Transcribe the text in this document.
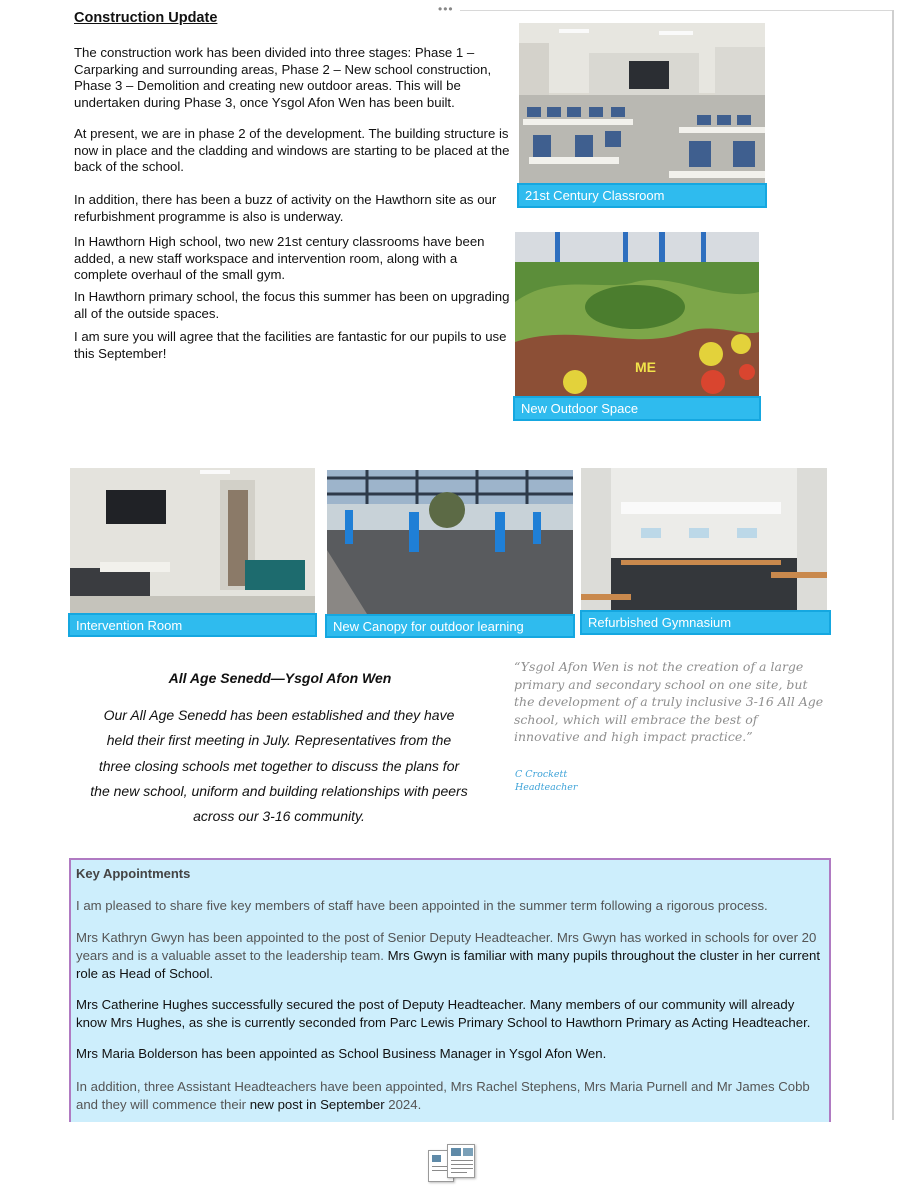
•••
Construction Update

The construction work has been divided into three stages: Phase 1 – Carparking and surrounding areas, Phase 2 – New school construction, Phase 3 – Demolition and creating new outdoor areas. This will be undertaken during Phase 3, once Ysgol Afon Wen has been built.

At present, we are in phase 2 of the development. The building structure is now in place and the cladding and windows are starting to be placed at the back of the school.

In addition, there has been a buzz of activity on the Hawthorn site as our refurbishment programme is also is underway.

In Hawthorn High school, two new 21st century classrooms have been added, a new staff workspace and intervention room, along with a complete overhaul of the small gym.

In Hawthorn primary school, the focus this summer has been on upgrading all of the outside spaces.

I am sure you will agree that the facilities are fantastic for our pupils to use this September!

21st Century Classroom
ME
New Outdoor Space
Intervention Room	New Canopy for outdoor learning	Refurbished Gymnasium
All Age Senedd—Ysgol Afon Wen

Our All Age Senedd has been established and they have held their first meeting in July. Representatives from the three closing schools met together to discuss the plans for the new school, uniform and building relationships with peers across our 3-16 community.

“Ysgol Afon Wen is not the creation of a large primary and secondary school on one site, but the development of a truly inclusive 3-16 All Age school, which will embrace the best of innovative and high impact practice.”

C Crockett
Headteacher
Key Appointments

I am pleased to share five key members of staff have been appointed in the summer term following a rigorous process.

Mrs Kathryn Gwyn has been appointed to the post of Senior Deputy Headteacher. Mrs Gwyn has worked in schools for over 20 years and is a valuable asset to the leadership team. Mrs Gwyn is familiar with many pupils throughout the cluster in her current role as Head of School.

Mrs Catherine Hughes successfully secured the post of Deputy Headteacher. Many members of our community will already know Mrs Hughes, as she is currently seconded from Parc Lewis Primary School to Hawthorn Primary as Acting Headteacher.

Mrs Maria Bolderson has been appointed as School Business Manager in Ysgol Afon Wen.

In addition, three Assistant Headteachers have been appointed, Mrs Rachel Stephens, Mrs Maria Purnell and Mr James Cobb and they will commence their new post in September 2024.
